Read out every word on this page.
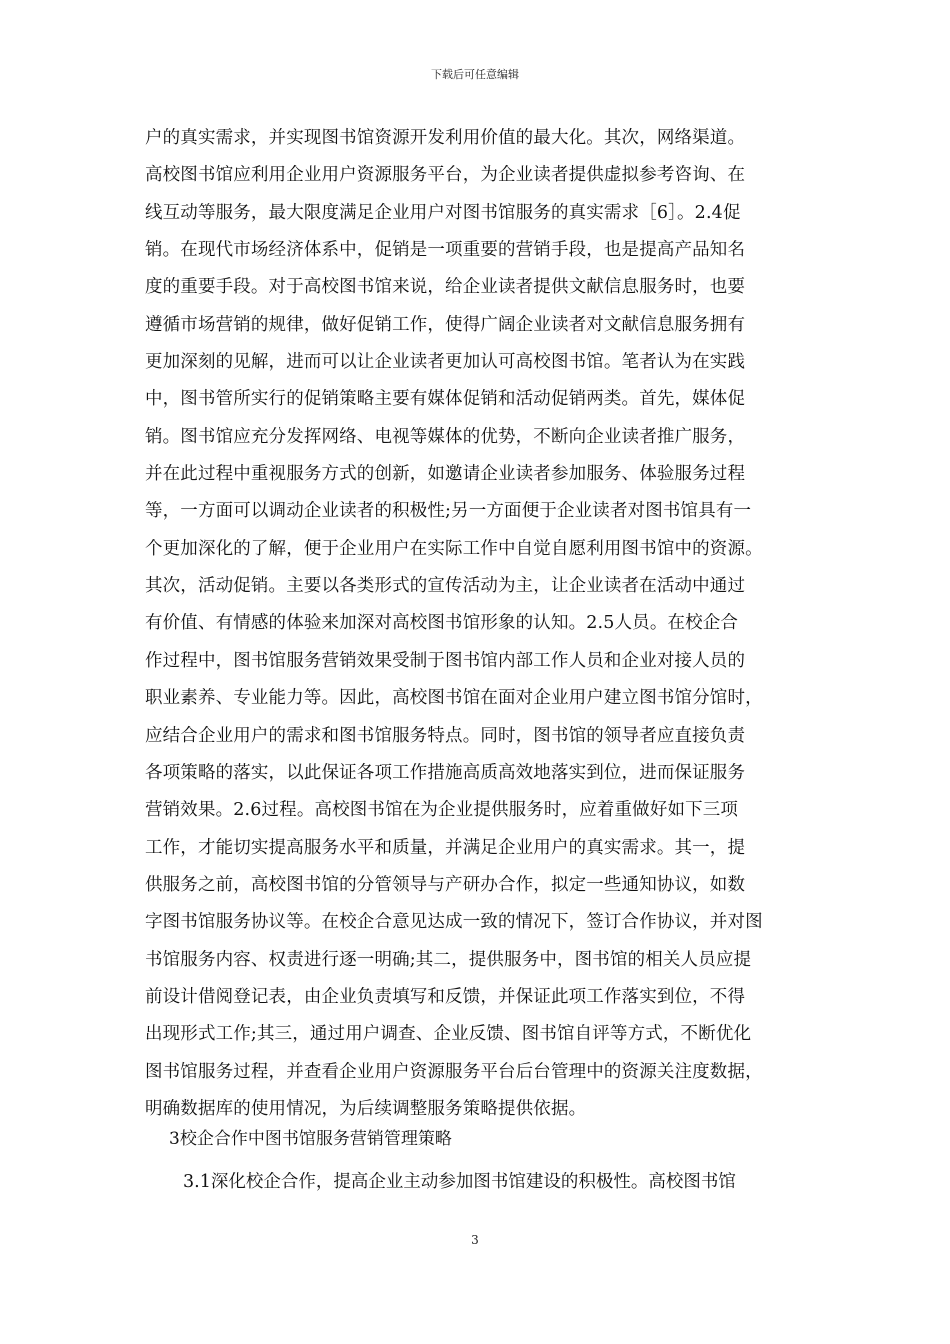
下载后可任意编辑
户的真实需求，并实现图书馆资源开发利用价值的最大化。其次，网络渠道。
高校图书馆应利用企业用户资源服务平台，为企业读者提供虚拟参考咨询、在
线互动等服务，最大限度满足企业用户对图书馆服务的真实需求［6］。2.4促
销。在现代市场经济体系中，促销是一项重要的营销手段，也是提高产品知名
度的重要手段。对于高校图书馆来说，给企业读者提供文献信息服务时，也要
遵循市场营销的规律，做好促销工作，使得广阔企业读者对文献信息服务拥有
更加深刻的见解，进而可以让企业读者更加认可高校图书馆。笔者认为在实践
中，图书管所实行的促销策略主要有媒体促销和活动促销两类。首先，媒体促
销。图书馆应充分发挥网络、电视等媒体的优势，不断向企业读者推广服务，
并在此过程中重视服务方式的创新，如邀请企业读者参加服务、体验服务过程
等，一方面可以调动企业读者的积极性;另一方面便于企业读者对图书馆具有一
个更加深化的了解，便于企业用户在实际工作中自觉自愿利用图书馆中的资源。
其次，活动促销。主要以各类形式的宣传活动为主，让企业读者在活动中通过
有价值、有情感的体验来加深对高校图书馆形象的认知。2.5人员。在校企合
作过程中，图书馆服务营销效果受制于图书馆内部工作人员和企业对接人员的
职业素养、专业能力等。因此，高校图书馆在面对企业用户建立图书馆分馆时，
应结合企业用户的需求和图书馆服务特点。同时，图书馆的领导者应直接负责
各项策略的落实，以此保证各项工作措施高质高效地落实到位，进而保证服务
营销效果。2.6过程。高校图书馆在为企业提供服务时，应着重做好如下三项
工作，才能切实提高服务水平和质量，并满足企业用户的真实需求。其一，提
供服务之前，高校图书馆的分管领导与产研办合作，拟定一些通知协议，如数
字图书馆服务协议等。在校企合意见达成一致的情况下，签订合作协议，并对图
书馆服务内容、权责进行逐一明确;其二，提供服务中，图书馆的相关人员应提
前设计借阅登记表，由企业负责填写和反馈，并保证此项工作落实到位，不得
出现形式工作;其三，通过用户调查、企业反馈、图书馆自评等方式，不断优化
图书馆服务过程，并查看企业用户资源服务平台后台管理中的资源关注度数据，
明确数据库的使用情况，为后续调整服务策略提供依据。
3校企合作中图书馆服务营销管理策略
3.1深化校企合作，提高企业主动参加图书馆建设的积极性。高校图书馆
3
